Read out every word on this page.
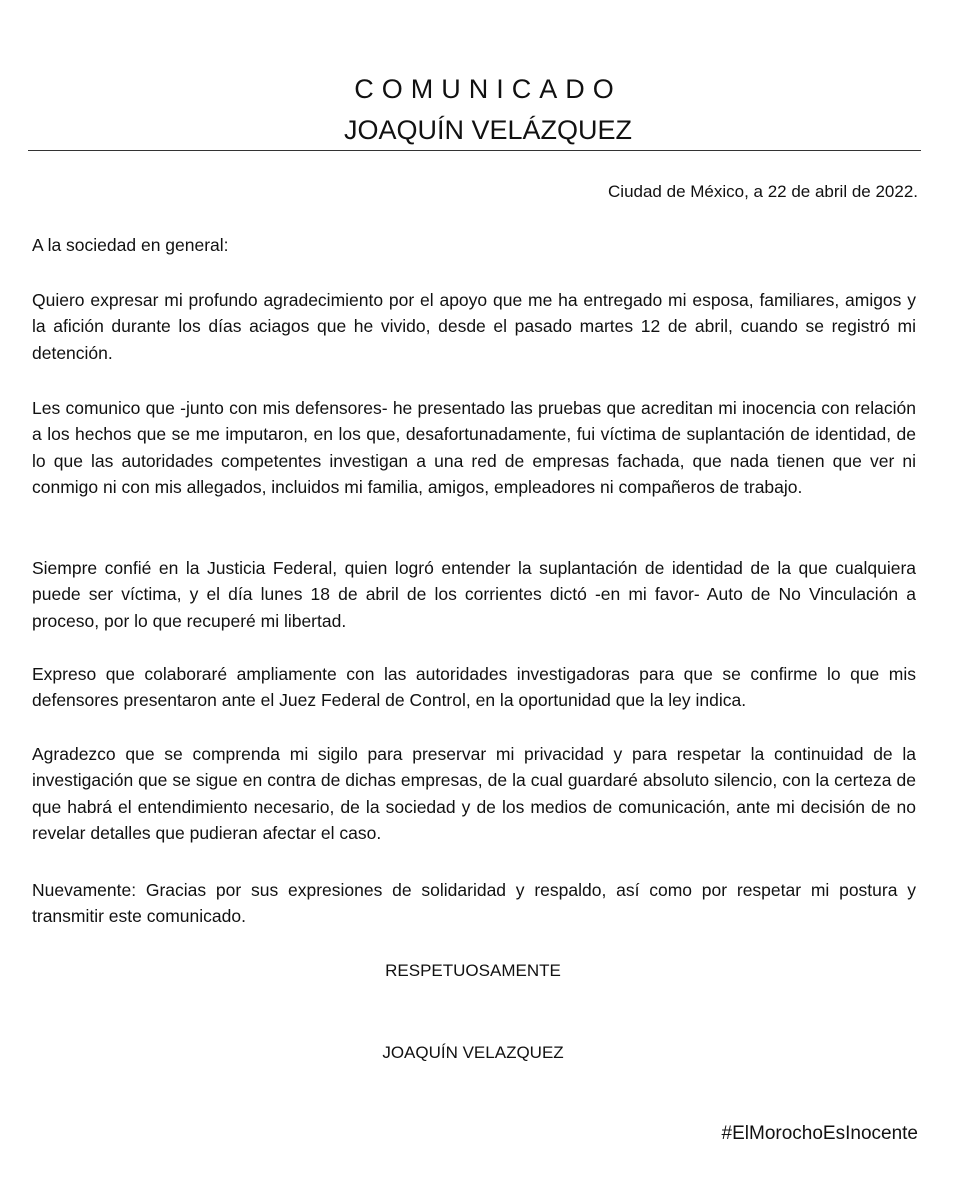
COMUNICADO
JOAQUÍN VELÁZQUEZ
Ciudad de México, a 22 de abril de 2022.
A la sociedad en general:
Quiero expresar mi profundo agradecimiento por el apoyo que me ha entregado mi esposa, familiares, amigos y la afición durante los días aciagos que he vivido, desde el pasado martes 12 de abril, cuando se registró mi detención.
Les comunico que -junto con mis defensores- he presentado las pruebas que acreditan mi inocencia con relación a los hechos que se me imputaron, en los que, desafortunadamente, fui víctima de suplantación de identidad, de lo que las autoridades competentes investigan a una red de empresas fachada, que nada tienen que ver ni conmigo ni con mis allegados, incluidos mi familia, amigos, empleadores ni compañeros de trabajo.
Siempre confié en la Justicia Federal, quien logró entender la suplantación de identidad de la que cualquiera puede ser víctima, y el día lunes 18 de abril de los corrientes dictó -en mi favor- Auto de No Vinculación a proceso, por lo que recuperé mi libertad.
Expreso que colaboraré ampliamente con las autoridades investigadoras para que se confirme lo que mis defensores presentaron ante el Juez Federal de Control, en la oportunidad que la ley indica.
Agradezco que se comprenda mi sigilo para preservar mi privacidad y para respetar la continuidad de la investigación que se sigue en contra de dichas empresas, de la cual guardaré absoluto silencio, con la certeza de que habrá el entendimiento necesario, de la sociedad y de los medios de comunicación, ante mi decisión de no revelar detalles que pudieran afectar el caso.
Nuevamente: Gracias por sus expresiones de solidaridad y respaldo, así como por respetar mi postura y transmitir este comunicado.
RESPETUOSAMENTE
JOAQUÍN VELAZQUEZ
#ElMorochoEsInocente
